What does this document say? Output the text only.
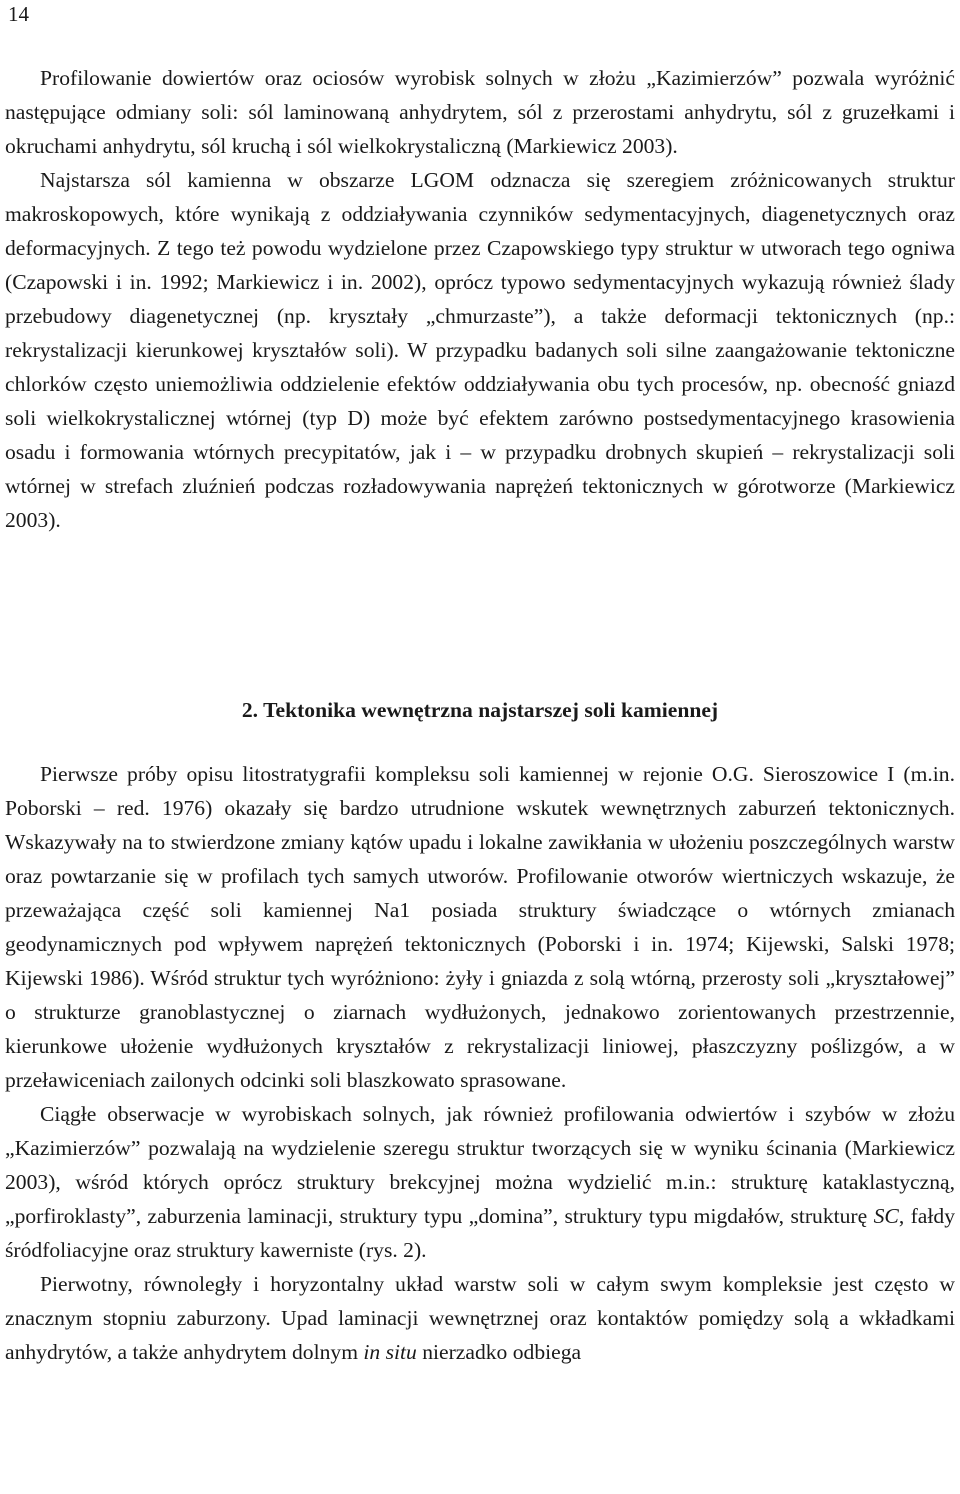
14

Profilowanie dowiertów oraz ociosów wyrobisk solnych w złożu „Kazimierzów” pozwala wyróżnić następujące odmiany soli: sól laminowaną anhydrytem, sól z przerostami anhydrytu, sól z gruzełkami i okruchami anhydrytu, sól kruchą i sól wielkokrystaliczną (Markiewicz 2003).

Najstarsza sól kamienna w obszarze LGOM odznacza się szeregiem zróżnicowanych struktur makroskopowych, które wynikają z oddziaływania czynników sedymentacyjnych, diagenetycznych oraz deformacyjnych. Z tego też powodu wydzielone przez Czapowskiego typy struktur w utworach tego ogniwa (Czapowski i in. 1992; Markiewicz i in. 2002), oprócz typowo sedymentacyjnych wykazują również ślady przebudowy diagenetycznej (np. kryształy „chmurzaste”), a także deformacji tektonicznych (np.: rekrystalizacji kierunkowej kryształów soli). W przypadku badanych soli silne zaangażowanie tektoniczne chlorków często uniemożliwia oddzielenie efektów oddziaływania obu tych procesów, np. obecność gniazd soli wielkokrystalicznej wtórnej (typ D) może być efektem zarówno postsedymentacyjnego krasowienia osadu i formowania wtórnych precypitatów, jak i – w przypadku drobnych skupień – rekrystalizacji soli wtórnej w strefach zluźnień podczas rozładowywania naprężeń tektonicznych w górotworze (Markiewicz 2003).

2. Tektonika wewnętrzna najstarszej soli kamiennej

Pierwsze próby opisu litostratygrafii kompleksu soli kamiennej w rejonie O.G. Sieroszowice I (m.in. Poborski – red. 1976) okazały się bardzo utrudnione wskutek wewnętrznych zaburzeń tektonicznych. Wskazywały na to stwierdzone zmiany kątów upadu i lokalne zawikłania w ułożeniu poszczególnych warstw oraz powtarzanie się w profilach tych samych utworów. Profilowanie otworów wiertniczych wskazuje, że przeważająca część soli kamiennej Na1 posiada struktury świadczące o wtórnych zmianach geodynamicznych pod wpływem naprężeń tektonicznych (Poborski i in. 1974; Kijewski, Salski 1978; Kijewski 1986). Wśród struktur tych wyróżniono: żyły i gniazda z solą wtórną, przerosty soli „kryształowej” o strukturze granoblastycznej o ziarnach wydłużonych, jednakowo zorientowanych przestrzennie, kierunkowe ułożenie wydłużonych kryształów z rekrystalizacji liniowej, płaszczyzny poślizgów, a w przeławiceniach zailonych odcinki soli blaszkowato sprasowane.

Ciągłe obserwacje w wyrobiskach solnych, jak również profilowania odwiertów i szybów w złożu „Kazimierzów” pozwalają na wydzielenie szeregu struktur tworzących się w wyniku ścinania (Markiewicz 2003), wśród których oprócz struktury brekcyjnej można wydzielić m.in.: strukturę kataklastyczną, „porfiroklasty”, zaburzenia laminacji, struktury typu „domina”, struktury typu migdałów, strukturę SC, fałdy śródfoliacyjne oraz struktury kawerniste (rys. 2).

Pierwotny, równoległy i horyzontalny układ warstw soli w całym swym kompleksie jest często w znacznym stopniu zaburzony. Upad laminacji wewnętrznej oraz kontaktów pomiędzy solą a wkładkami anhydrytów, a także anhydrytem dolnym in situ nierzadko odbiega
